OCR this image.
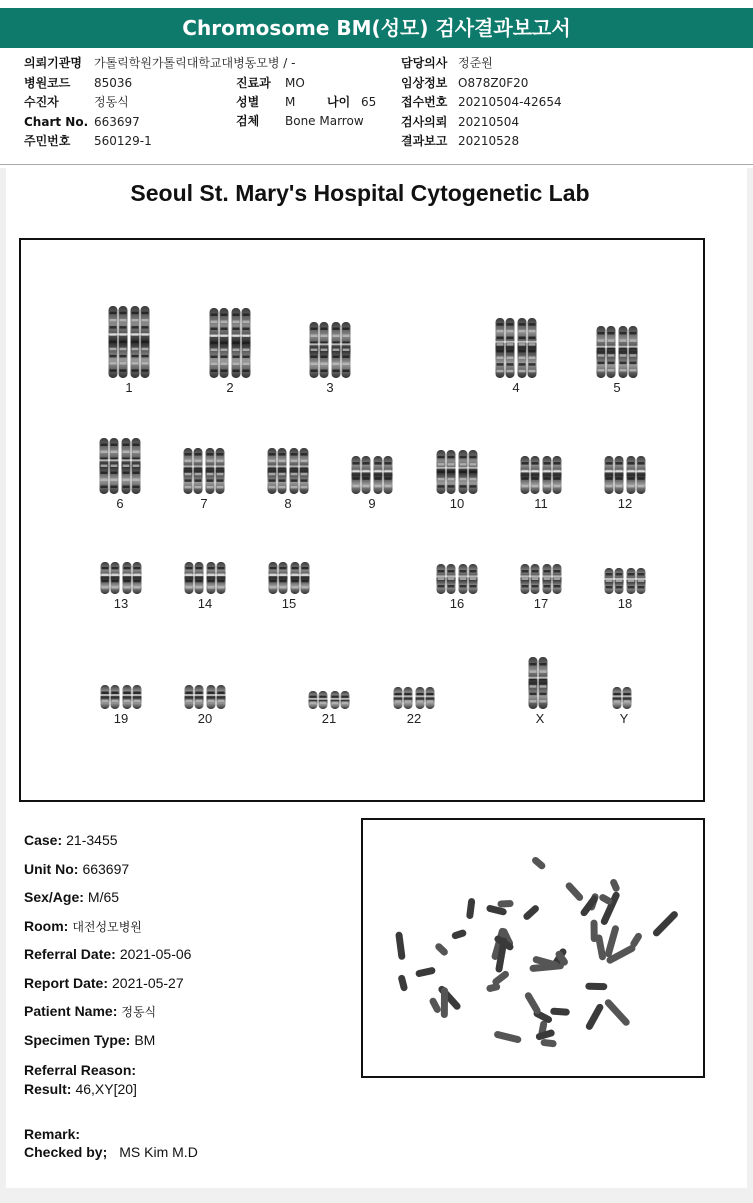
Chromosome BM(성모) 검사결과보고서
의뢰기관명 가톨릭학원가톨릭대학교대병동모병 / -
병원코드 85036
수진자	정동식
Chart No. 663697
주민번호 560129-1
진료과 MO
성별 M	나이 65
검체 Bone Marrow
담당의사 정준원
임상정보 O878Z0F20
접수번호 20210504-42654
검사의뢰 20210504
결과보고 20210528
Seoul St. Mary's Hospital Cytogenetic Lab
1	2	3	4	5
6	7	8	9	10	11	12
13	14	15	16	17	18
19	20	21	22	X	Y
Case: 21-3455
Unit No: 663697
Sex/Age: M/65
Room: 대전성모병원
Referral Date: 2021-05-06
Report Date: 2021-05-27
Patient Name: 정동식
Specimen Type: BM
Referral Reason:
Result: 46,XY[20]
Remark:
Checked by; MS Kim M.D
